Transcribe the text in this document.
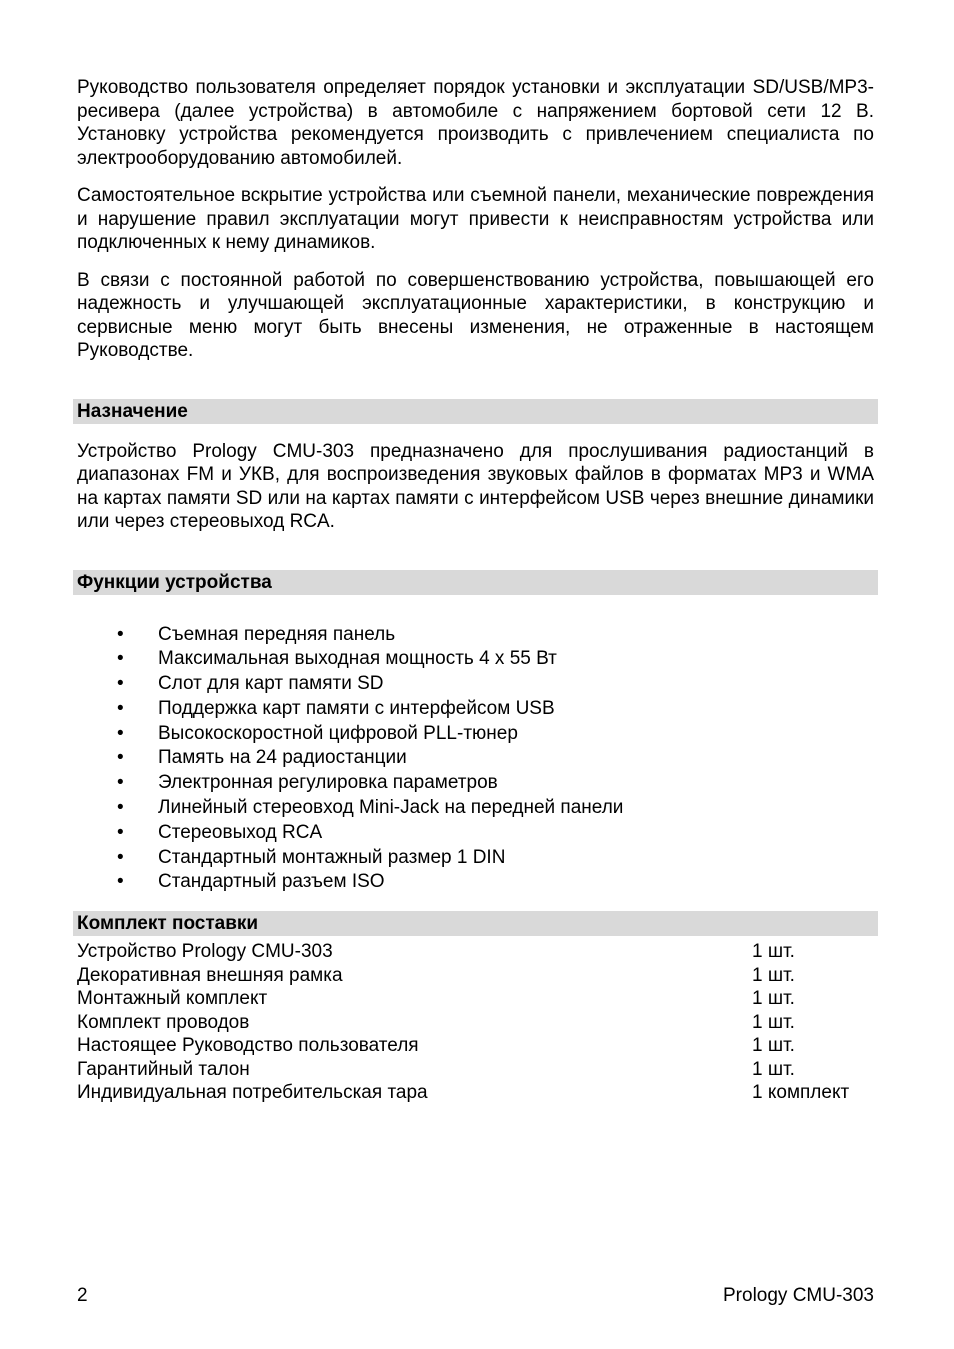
Руководство пользователя определяет порядок установки и эксплуатации SD/USB/MP3-ресивера (далее устройства) в автомобиле с напряжением бортовой сети 12 В. Установку устройства рекомендуется производить с привлечением специалиста по электрооборудованию автомобилей.

Самостоятельное вскрытие устройства или съемной панели, механические повреждения и нарушение правил эксплуатации могут привести к неисправностям устройства или подключенных к нему динамиков.

В связи с постоянной работой по совершенствованию устройства, повышающей его надежность и улучшающей эксплуатационные характеристики, в конструкцию и сервисные меню могут быть внесены изменения, не отраженные в настоящем Руководстве.

Назначение

Устройство Prology CMU-303 предназначено для прослушивания радиостанций в диапазонах FM и УКВ, для воспроизведения звуковых файлов в форматах MP3 и WMA на картах памяти SD или на картах памяти с интерфейсом USB через внешние динамики или через стереовыход RCA.

Функции устройства
• Съемная передняя панель
• Максимальная выходная мощность 4 х 55 Вт
• Слот для карт памяти SD
• Поддержка карт памяти с интерфейсом USB
• Высокоскоростной цифровой PLL-тюнер
• Память на 24 радиостанции
• Электронная регулировка параметров
• Линейный стереовход Mini-Jack на передней панели
• Стереовыход RCA
• Стандартный монтажный размер 1 DIN
• Стандартный разъем ISO
Комплект поставки
Устройство Prology CMU-303	1 шт.
Декоративная внешняя рамка	1 шт.
Монтажный комплект	1 шт.
Комплект проводов	1 шт.
Настоящее Руководство пользователя	1 шт.
Гарантийный талон	1 шт.
Индивидуальная потребительская тара	1 комплект
2	Prology CMU-303
